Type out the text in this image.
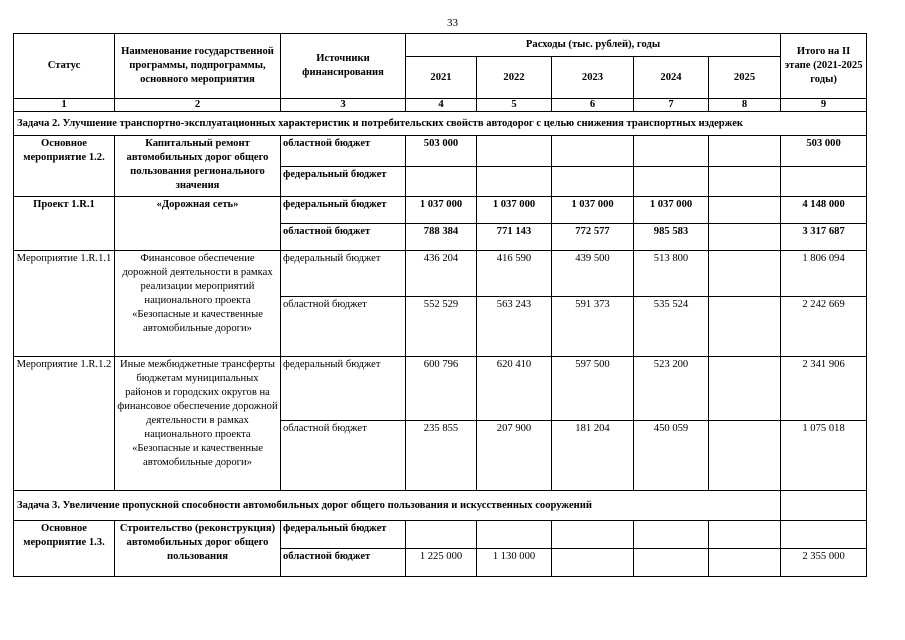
33
Статус	Наименование государственной программы, подпрограммы, основного мероприятия	Источники финансирования	Расходы (тыс. рублей), годы					Итого на II этапе (2021-2025 годы)
			2021	2022	2023	2024	2025	
1	2	3	4	5	6	7	8	9
Задача 2. Улучшение транспортно-эксплуатационных характеристик и потребительских свойств автодорог с целью снижения транспортных издержек								
Основное мероприятие 1.2.	Капитальный ремонт автомобильных дорог общего пользования регионального значения	областной бюджет	503 000					503 000
		федеральный бюджет						
Проект 1.R.1	«Дорожная сеть»	федеральный бюджет	1 037 000	1 037 000	1 037 000	1 037 000		4 148 000
		областной бюджет	788 384	771 143	772 577	985 583		3 317 687
Мероприятие 1.R.1.1	Финансовое обеспечение дорожной деятельности в рамках реализации мероприятий национального проекта «Безопасные и качественные автомобильные дороги»	федеральный бюджет	436 204	416 590	439 500	513 800		1 806 094
		областной бюджет	552 529	563 243	591 373	535 524		2 242 669
Мероприятие 1.R.1.2	Иные межбюджетные трансферты бюджетам муниципальных районов и городских округов на финансовое обеспечение дорожной деятельности в рамках национального проекта «Безопасные и качественные автомобильные дороги»	федеральный бюджет	600 796	620 410	597 500	523 200		2 341 906
		областной бюджет	235 855	207 900	181 204	450 059		1 075 018
Задача 3. Увеличение пропускной способности автомобильных дорог общего пользования и искусственных сооружений								
Основное мероприятие 1.3.	Строительство (реконструкция) автомобильных дорог общего пользования	федеральный бюджет						
		областной бюджет	1 225 000	1 130 000				2 355 000
